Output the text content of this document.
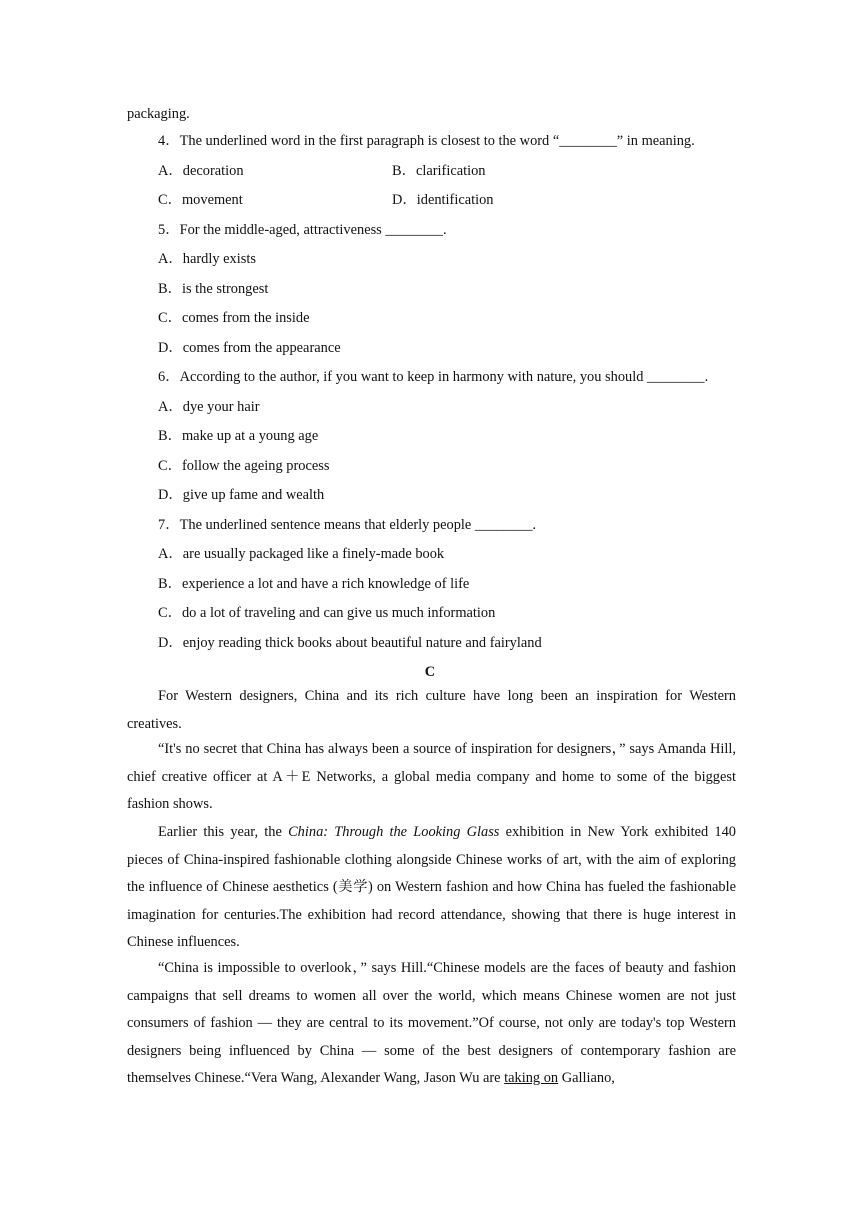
packaging.
4．The underlined word in the first paragraph is closest to the word “________” in meaning.
A．decoration	B．clarification
C．movement	D．identification
5．For the middle-aged, attractiveness ________.
A．hardly exists
B．is the strongest
C．comes from the inside
D．comes from the appearance
6．According to the author, if you want to keep in harmony with nature, you should ________.
A．dye your hair
B．make up at a young age
C．follow the ageing process
D．give up fame and wealth
7．The underlined sentence means that elderly people ________.
A．are usually packaged like a finely-made book
B．experience a lot and have a rich knowledge of life
C．do a lot of traveling and can give us much information
D．enjoy reading thick books about beautiful nature and fairyland
C
For Western designers, China and its rich culture have long been an inspiration for Western creatives.
“It's no secret that China has always been a source of inspiration for designers，” says Amanda Hill, chief creative officer at A＋E Networks, a global media company and home to some of the biggest fashion shows.
Earlier this year, the China: Through the Looking Glass exhibition in New York exhibited 140 pieces of China-inspired fashionable clothing alongside Chinese works of art, with the aim of exploring the influence of Chinese aesthetics (美学) on Western fashion and how China has fueled the fashionable imagination for centuries.The exhibition had record attendance, showing that there is huge interest in Chinese influences.
“China is impossible to overlook，” says Hill.“Chinese models are the faces of beauty and fashion campaigns that sell dreams to women all over the world, which means Chinese women are not just consumers of fashion — they are central to its movement.”Of course, not only are today's top Western designers being influenced by China — some of the best designers of contemporary fashion are themselves Chinese.“Vera Wang, Alexander Wang, Jason Wu are taking on Galliano,
